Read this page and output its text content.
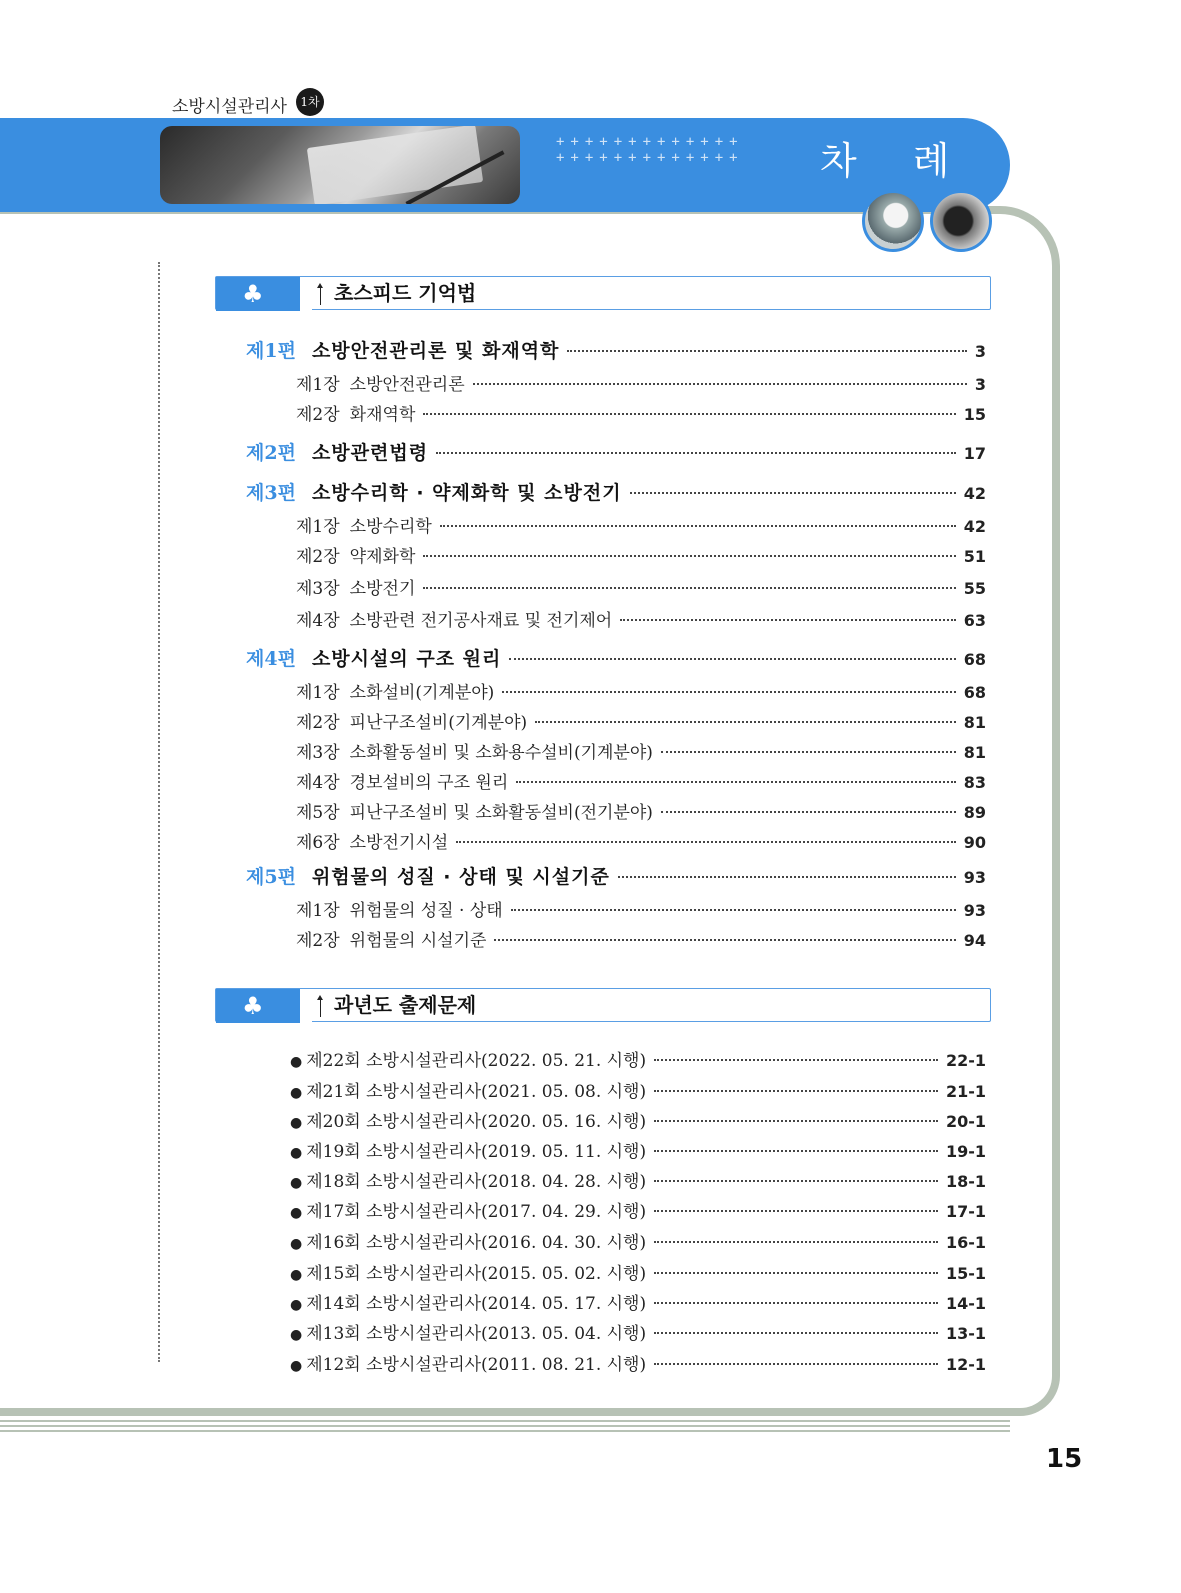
소방시설관리사	1차
+++++++++++++
+++++++++++++ 차 례
♣	초스피드 기억법
제1편 소방안전관리론 및 화재역학	3
제1장 소방안전관리론	3
제2장 화재역학	15
제2편 소방관련법령	17
제3편 소방수리학 · 약제화학 및 소방전기	42
제1장 소방수리학	42
제2장 약제화학	51
제3장 소방전기	55
제4장 소방관련 전기공사재료 및 전기제어	63
제4편 소방시설의 구조 원리	68
제1장 소화설비(기계분야)	68
제2장 피난구조설비(기계분야)	81
제3장 소화활동설비 및 소화용수설비(기계분야)	81
제4장 경보설비의 구조 원리	83
제5장 피난구조설비 및 소화활동설비(전기분야)	89
제6장 소방전기시설	90
제5편 위험물의 성질 · 상태 및 시설기준	93
제1장 위험물의 성질 · 상태	93
제2장 위험물의 시설기준	94
♣	과년도 출제문제
● 제22회 소방시설관리사(2022. 05. 21. 시행)	22-1
● 제21회 소방시설관리사(2021. 05. 08. 시행)	21-1
● 제20회 소방시설관리사(2020. 05. 16. 시행)	20-1
● 제19회 소방시설관리사(2019. 05. 11. 시행)	19-1
● 제18회 소방시설관리사(2018. 04. 28. 시행)	18-1
● 제17회 소방시설관리사(2017. 04. 29. 시행)	17-1
● 제16회 소방시설관리사(2016. 04. 30. 시행)	16-1
● 제15회 소방시설관리사(2015. 05. 02. 시행)	15-1
● 제14회 소방시설관리사(2014. 05. 17. 시행)	14-1
● 제13회 소방시설관리사(2013. 05. 04. 시행)	13-1
● 제12회 소방시설관리사(2011. 08. 21. 시행)	12-1
15
